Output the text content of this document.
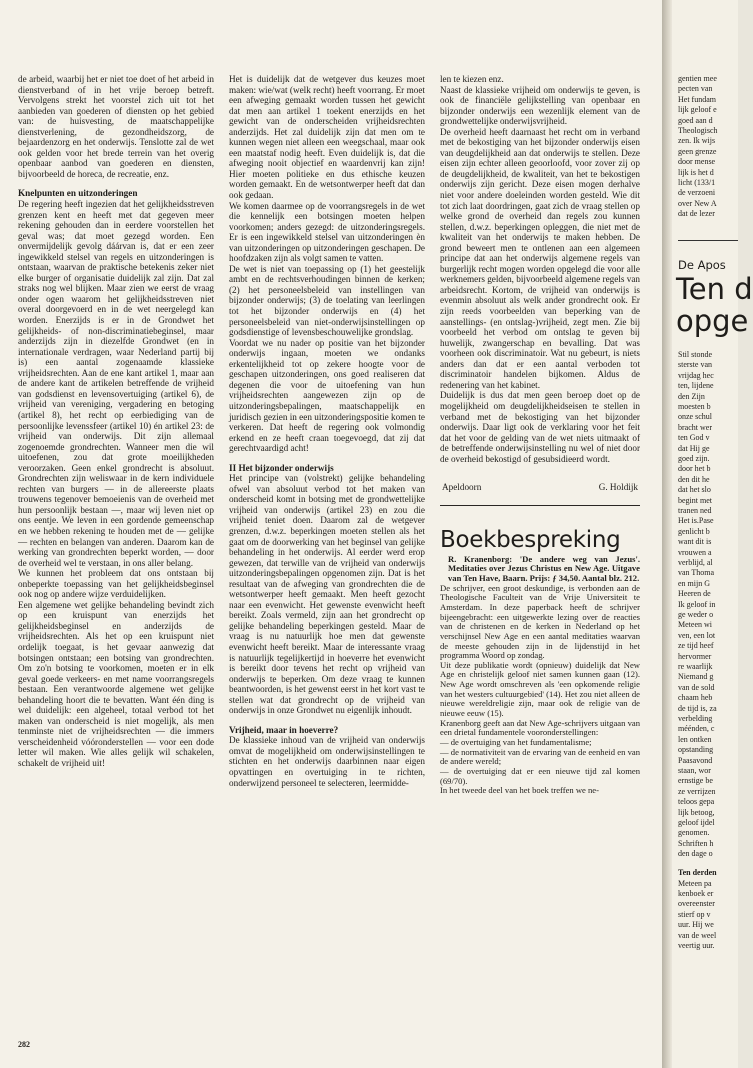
de arbeid, waarbij het er niet toe doet of het arbeid in dienstverband of in het vrije beroep betreft. Vervolgens strekt het voorstel zich uit tot het aanbieden van goederen of diensten op het gebied van: de huisvesting, de maatschappelijke dienstverlening, de gezondheidszorg, de bejaardenzorg en het onderwijs. Tenslotte zal de wet ook gelden voor het brede terrein van het overig openbaar aanbod van goederen en diensten, bijvoorbeeld de horeca, de recreatie, enz.

Knelpunten en uitzonderingen

De regering heeft ingezien dat het gelijkheidsstreven grenzen kent en heeft met dat gegeven meer rekening gehouden dan in eerdere voorstellen het geval was; dat moet gezegd worden. Een onvermijdelijk gevolg dáárvan is, dat er een zeer ingewikkeld stelsel van regels en uitzonderingen is ontstaan, waarvan de praktische betekenis zeker niet elke burger of organisatie duidelijk zal zijn. Dat zal straks nog wel blijken. Maar zien we eerst de vraag onder ogen waarom het gelijkheidsstreven niet overal doorgevoerd en in de wet neergelegd kan worden. Enerzijds is er in de Grondwet het gelijkheids- of non-discriminatiebeginsel, maar anderzijds zijn in diezelfde Grondwet (en in internationale verdragen, waar Nederland partij bij is) een aantal zogenaamde klassieke vrijheidsrechten. Aan de ene kant artikel 1, maar aan de andere kant de artikelen betreffende de vrijheid van godsdienst en levensovertuiging (artikel 6), de vrijheid van vereniging, vergadering en betoging (artikel 8), het recht op eerbiediging van de persoonlijke levenssfeer (artikel 10) én artikel 23: de vrijheid van onderwijs. Dit zijn allemaal zogenoemde grondrechten. Wanneer men die wil uitoefenen, zou dat grote moeilijkheden veroorzaken. Geen enkel grondrecht is absoluut. Grondrechten zijn weliswaar in de kern individuele rechten van burgers — in de allereerste plaats trouwens tegenover bemoeienis van de overheid met hun persoonlijk bestaan —, maar wij leven niet op ons eentje. We leven in een gordende gemeenschap en we hebben rekening te houden met de — gelijke — rechten en belangen van anderen. Daarom kan de werking van grondrechten beperkt worden, — door de overheid wel te verstaan, in ons aller belang.

We kunnen het probleem dat ons ontstaan bij onbeperkte toepassing van het gelijkheidsbeginsel ook nog op andere wijze verduidelijken.

Een algemene wet gelijke behandeling bevindt zich op een kruispunt van enerzijds het gelijkheidsbeginsel en anderzijds de vrijheidsrechten. Als het op een kruispunt niet ordelijk toegaat, is het gevaar aanwezig dat botsingen ontstaan; een botsing van grondrechten. Om zo'n botsing te voorkomen, moeten er in elk geval goede verkeers- en met name voorrangsregels bestaan. Een verantwoorde algemene wet gelijke behandeling hoort die te bevatten. Want één ding is wel duidelijk: een algeheel, totaal verbod tot het maken van onderscheid is niet mogelijk, als men tenminste niet de vrijheidsrechten — die immers verscheidenheid vóóronderstellen — voor een dode letter wil maken. Wie alles gelijk wil schakelen, schakelt de vrijheid uit!

Het is duidelijk dat de wetgever dus keuzes moet maken: wie/wat (welk recht) heeft voorrang. Er moet een afweging gemaakt worden tussen het gewicht dat men aan artikel 1 toekent enerzijds en het gewicht van de onderscheiden vrijheidsrechten anderzijds. Het zal duidelijk zijn dat men om te kunnen wegen niet alleen een weegschaal, maar ook een maatstaf nodig heeft. Even duidelijk is, dat die afweging nooit objectief en waardenvrij kan zijn! Hier moeten politieke en dus ethische keuzen worden gemaakt. En de wetsontwerper heeft dat dan ook gedaan.

We komen daarmee op de voorrangsregels in de wet die kennelijk een botsingen moeten helpen voorkomen; anders gezegd: de uitzonderingsregels. Er is een ingewikkeld stelsel van uitzonderingen èn van uitzonderingen op uitzonderingen geschapen. De hoofdzaken zijn als volgt samen te vatten.

De wet is niet van toepassing op (1) het geestelijk ambt en de rechtsverhoudingen binnen de kerken; (2) het personeelsbeleid van instellingen van bijzonder onderwijs; (3) de toelating van leerlingen tot het bijzonder onderwijs en (4) het personeelsbeleid van niet-onderwijsinstellingen op godsdienstige of levensbeschouwelijke grondslag.

Voordat we nu nader op positie van het bijzonder onderwijs ingaan, moeten we ondanks erkentelijkheid tot op zekere hoogte voor de geschapen uitzonderingen, ons goed realiseren dat degenen die voor de uitoefening van hun vrijheidsrechten aangewezen zijn op de uitzonderingsbepalingen, maatschappelijk en juridisch gezien in een uitzonderingspositie komen te verkeren. Dat heeft de regering ook volmondig erkend en ze heeft craan toegevoegd, dat zij dat gerechtvaardigd acht!

II Het bijzonder onderwijs

Het principe van (volstrekt) gelijke behandeling ofwel van absoluut verbod tot het maken van onderscheid komt in botsing met de grondwettelijke vrijheid van onderwijs (artikel 23) en zou die vrijheid teniet doen. Daarom zal de wetgever grenzen, d.w.z. beperkingen moeten stellen als het gaat om de doorwerking van het beginsel van gelijke behandeling in het onderwijs. Al eerder werd erop gewezen, dat terwille van de vrijheid van onderwijs uitzonderingsbepalingen opgenomen zijn. Dat is het resultaat van de afweging van grondrechten die de wetsontwerper heeft gemaakt. Men heeft gezocht naar een evenwicht. Het gewenste evenwicht heeft bereikt. Zoals vermeld, zijn aan het grondrecht op gelijke behandeling beperkingen gesteld. Maar de vraag is nu natuurlijk hoe men dat gewenste evenwicht heeft bereikt. Maar de interessante vraag is natuurlijk tegelijkertijd in hoeverre het evenwicht is bereikt door tevens het recht op vrijheid van onderwijs te beperken. Om deze vraag te kunnen beantwoorden, is het gewenst eerst in het kort vast te stellen wat dat grondrecht op de vrijheid van onderwijs in onze Grondwet nu eigenlijk inhoudt.

Vrijheid, maar in hoeverre?

De klassieke inhoud van de vrijheid van onderwijs omvat de mogelijkheid om onderwijsinstellingen te stichten en het onderwijs daarbinnen naar eigen opvattingen en overtuiging in te richten, onderwijzend personeel te selecteren, leermidde-

len te kiezen enz.

Naast de klassieke vrijheid om onderwijs te geven, is ook de financiële gelijkstelling van openbaar en bijzonder onderwijs een wezenlijk element van de grondwettelijke onderwijsvrijheid.

De overheid heeft daarnaast het recht om in verband met de bekostiging van het bijzonder onderwijs eisen van deugdelijkheid aan dat onderwijs te stellen. Deze eisen zijn echter alleen geoorloofd, voor zover zij op de deugdelijkheid, de kwaliteit, van het te bekostigen onderwijs zijn gericht. Deze eisen mogen derhalve niet voor andere doeleinden worden gesteld. Wie dit tot zich laat doordringen, gaat zich de vraag stellen op welke grond de overheid dan regels zou kunnen stellen, d.w.z. beperkingen opleggen, die niet met de kwaliteit van het onderwijs te maken hebben. De grond beweert men te ontlenen aan een algemeen principe dat aan het onderwijs algemene regels van burgerlijk recht mogen worden opgelegd die voor alle werknemers gelden, bijvoorbeeld algemene regels van arbeidsrecht. Kortom, de vrijheid van onderwijs is evenmin absoluut als welk ander grondrecht ook. Er zijn reeds voorbeelden van beperking van de aanstellings- (en ontslag-)vrijheid, zegt men. Zie bij voorbeeld het verbod om ontslag te geven bij huwelijk, zwangerschap en bevalling. Dat was voorheen ook discriminatoir. Wat nu gebeurt, is niets anders dan dat er een aantal verboden tot discriminatoir handelen bijkomen. Aldus de redenering van het kabinet.

Duidelijk is dus dat men geen beroep doet op de mogelijkheid om deugdelijkheidseisen te stellen in verband met de bekostiging van het bijzonder onderwijs. Daar ligt ook de verklaring voor het feit dat het voor de gelding van de wet niets uitmaakt of de betreffende onderwijsinstelling nu wel of niet door de overheid bekostigd of gesubsidieerd wordt.

Apeldoorn	G. Holdijk

Boekbespreking

R. Kranenborg: 'De andere weg van Jezus'. Meditaties over Jezus Christus en New Age. Uitgave van Ten Have, Baarn. Prijs: ƒ 34,50. Aantal blz. 212.

De schrijver, een groot deskundige, is verbonden aan de Theologische Faculteit van de Vrije Universiteit te Amsterdam. In deze paperback heeft de schrijver bijeengebracht: een uitgewerkte lezing over de reacties van de christenen en de kerken in Nederland op het verschijnsel New Age en een aantal meditaties waarvan de meeste gehouden zijn in de lijdenstijd in het programma Woord op zondag.

Uit deze publikatie wordt (opnieuw) duidelijk dat New Age en christelijk geloof niet samen kunnen gaan (12). New Age wordt omschreven als 'een opkomende religie van het westers cultuurgebied' (14). Het zou niet alleen de nieuwe wereldreligie zijn, maar ook de religie van de nieuwe eeuw (15).

Kranenborg geeft aan dat New Age-schrijvers uitgaan van een drietal fundamentele vooronderstellingen:

— de overtuiging van het fundamentalisme;

— de normativiteit van de ervaring van de eenheid en van de andere wereld;

— de overtuiging dat er een nieuwe tijd zal komen (69/70).

In het tweede deel van het boek treffen we ne-

282
gentien mee
pecten van
Het fundam
lijk geloof e
goed aan d
Theologisch
zen. Ik wijs
geen grenze
door mense
lijk is het d
licht (133/1
de verzoeni
over New A
dat de lezer
De Apos
Ten d
opge
Stil stonde
sterste van
vrijdag hec
ten, lijdene
den Zijn
moesten b
onze schul
bracht wer
ten God v
dat Hij ge
goed zijn.
door het b
den dit he
dat het slo
begint met
tranen ned
Het is.Pase
genlicht b
want dit is
vrouwen a
verblijd, al
van Thoma
en mijn G
Heeren de
Ik geloof in
ge weder o
Meteen wi
ven, een lot
ze tijd heef
hervormer
re waarlijk
Niemand g
van de sold
chaam heb
de tijd is, za
verbelding
méénden, c
len ontken
opstanding
Paasavond
staan, wor
ernstige be
ze verrijzen
teloos gepa
lijk betoog,
geloof ijdel
genomen.
Schriften h
den dage o
Ten derden
Meteen pa
kenboek er
overeenster
stierf op v
uur. Hij we
van de weel
veertig uur.
